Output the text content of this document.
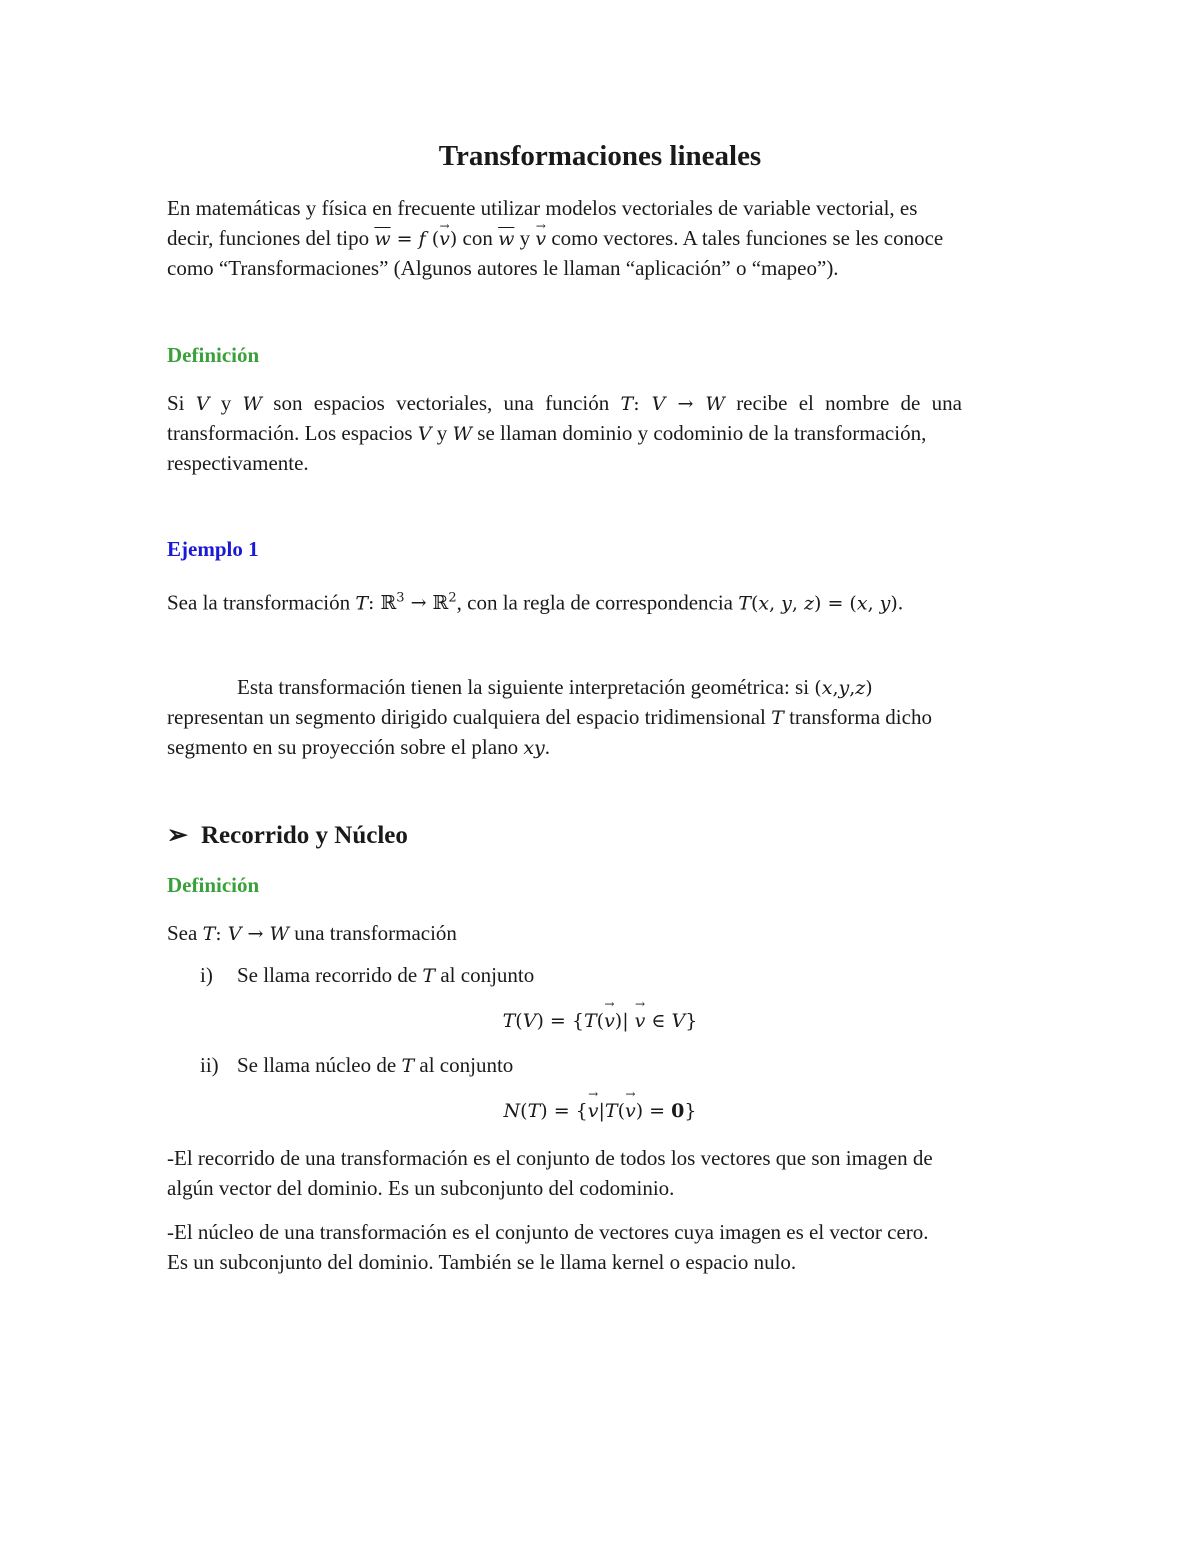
Transformaciones lineales
En matemáticas y física en frecuente utilizar modelos vectoriales de variable vectorial, es
decir, funciones del tipo $\overline{w} = f$ (→ v) con $\overline{w}$ y → v como vectores. A tales funciones se les conoce
como “Transformaciones” (Algunos autores le llaman “aplicación” o “mapeo”).
Definición
Si V y W son espacios vectoriales, una función T: V → W recibe el nombre de una
transformación. Los espacios V y W se llaman dominio y codominio de la transformación,
respectivamente.
Ejemplo 1
Sea la transformación T: ℝ$^3$ → ℝ$^2$, con la regla de correspondencia T(x, y, z) = (x, y).
Esta transformación tienen la siguiente interpretación geométrica: si (x,y,z)
representan un segmento dirigido cualquiera del espacio tridimensional T transforma dicho
segmento en su proyección sobre el plano xy.
➢ Recorrido y Núcleo
Definición
Sea T: V → W una transformación
i) Se llama recorrido de T al conjunto
T(V) = {T(→ v)| → v ∈ V}
ii) Se llama núcleo de T al conjunto
N(T) = {→ v|T(→ v) = 0}
-El recorrido de una transformación es el conjunto de todos los vectores que son imagen de
algún vector del dominio. Es un subconjunto del codominio.
-El núcleo de una transformación es el conjunto de vectores cuya imagen es el vector cero.
Es un subconjunto del dominio. También se le llama kernel o espacio nulo.
